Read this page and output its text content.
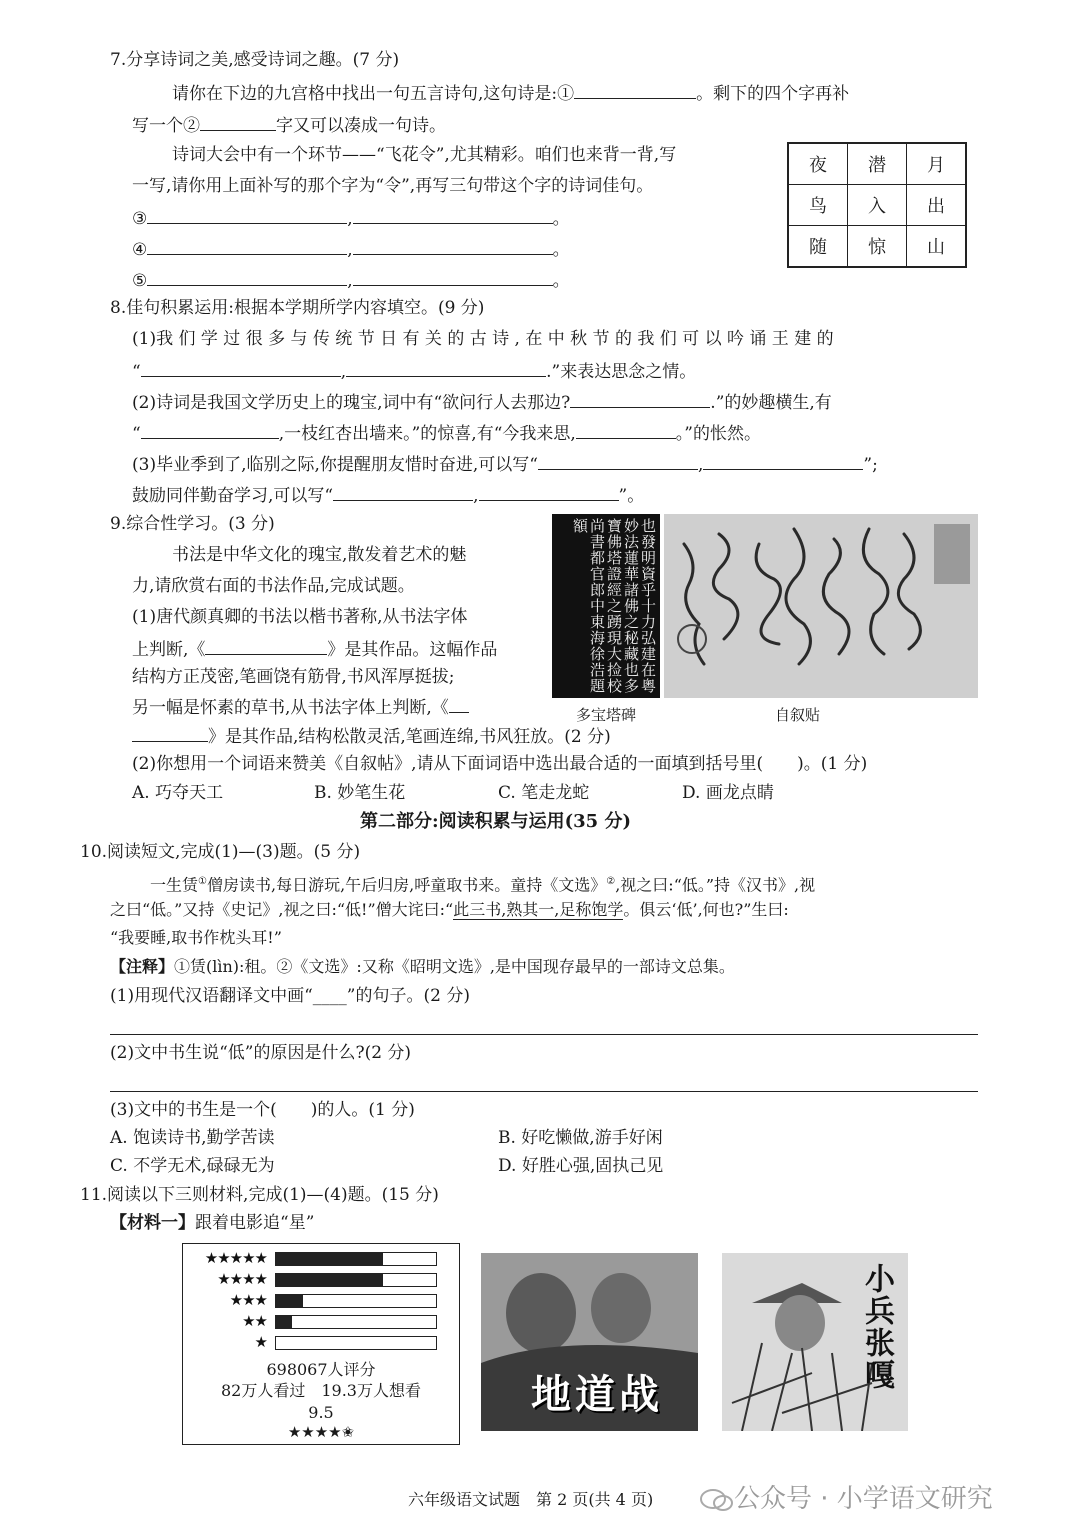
7.分享诗词之美,感受诗词之趣。(7 分)
请你在下边的九宫格中找出一句五言诗句,这句诗是:①	。剩下的四个字再补
写一个②	字又可以凑成一句诗。
诗词大会中有一个环节——“飞花令”,尤其精彩。咱们也来背一背,写
一写,请你用上面补写的那个字为“令”,再写三句带这个字的诗词佳句。
③	,	。
④	,	。
⑤	,	。
夜	潜	月
鸟	入	出
随	惊	山
8.佳句积累运用:根据本学期所学内容填空。(9 分)
(1)我 们 学 过 很 多 与 传 统 节 日 有 关 的 古 诗 , 在 中 秋 节 的 我 们 可 以 吟 诵 王 建 的
“	,	.”来表达思念之情。
(2)诗词是我国文学历史上的瑰宝,词中有“欲问行人去那边?	.”的妙趣横生,有
“	,一枝红杏出墙来。”的惊喜,有“今我来思,	。”的怅然。
(3)毕业季到了,临别之际,你提醒朋友惜时奋进,可以写“	,	”;
鼓励同伴勤奋学习,可以写“	,	”。
9.综合性学习。(3 分)
书法是中华文化的瑰宝,散发着艺术的魅
力,请欣赏右面的书法作品,完成试题。
(1)唐代颜真卿的书法以楷书著称,从书法字体
上判断,《	》是其作品。这幅作品
结构方正茂密,笔画饶有筋骨,书风浑厚挺拔;
另一幅是怀素的草书,从书法字体上判断,《
》是其作品,结构松散灵活,笔画连绵,书风狂放。(2 分)
(2)你想用一个词语来赞美《自叙帖》,请从下面词语中选出最合适的一面填到括号里(　　)。(1 分)
A. 巧夺天工	B. 妙笔生花	C. 笔走龙蛇	D. 画龙点睛
也發明資乎十力弘建在粵妙法蓮華諸佛之秘藏也多寶佛塔證經之踴現大捡校尚書都官郎中東海徐浩題額
多宝塔碑	自叙贴
第二部分:阅读积累与运用(35 分)
10.阅读短文,完成(1)—(3)题。(5 分)
一生赁①僧房读书,每日游玩,午后归房,呼童取书来。童持《文选》②,视之曰:“低。”持《汉书》,视
之曰“低。”又持《史记》,视之曰:“低!”僧大诧曰:“此三书,熟其一,足称饱学。俱云‘低’,何也?”生曰:
“我要睡,取书作枕头耳!”
【注释】①赁(lìn):租。②《文选》:又称《昭明文选》,是中国现存最早的一部诗文总集。
(1)用现代汉语翻译文中画“____”的句子。(2 分)
(2)文中书生说“低”的原因是什么?(2 分)
(3)文中的书生是一个(　　)的人。(1 分)
A. 饱读诗书,勤学苦读	B. 好吃懒做,游手好闲
C. 不学无术,碌碌无为	D. 好胜心强,固执己见
11.阅读以下三则材料,完成(1)—(4)题。(15 分)
【材料一】跟着电影追“星”
★★★★★
★★★★
★★★
★★
★
698067人评分
82万人看过　19.3万人想看
9.5
★★★★✬
地道战
小兵张嘎
六年级语文试题　第 2 页(共 4 页)	公众号 · 小学语文研究
